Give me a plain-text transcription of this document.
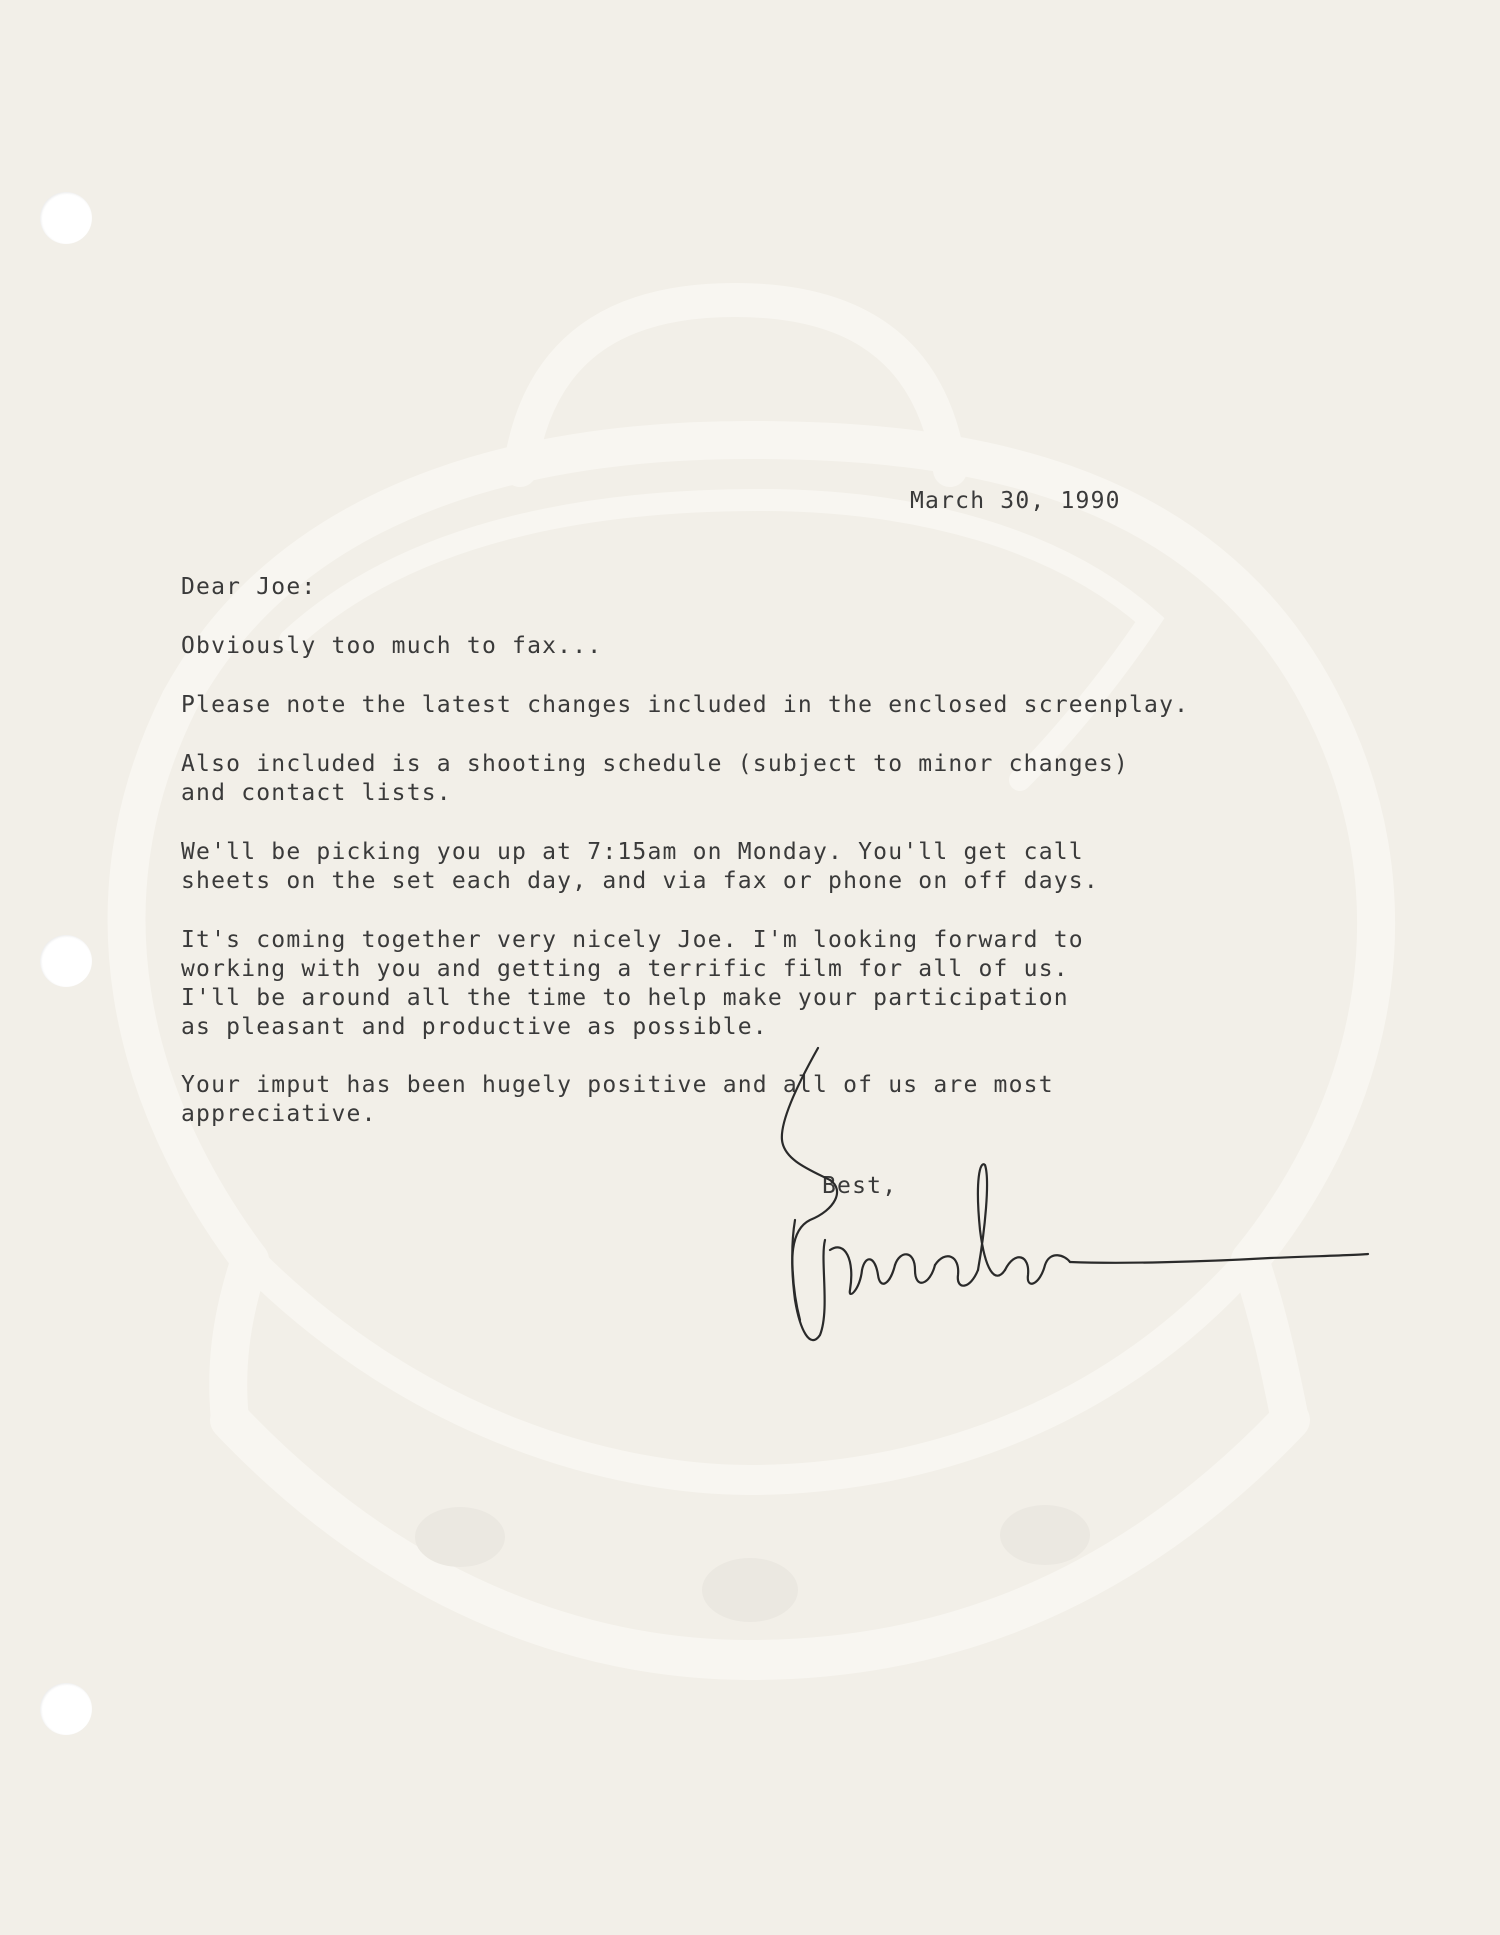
March 30, 1990
Dear Joe:
Obviously too much to fax...
Please note the latest changes included in the enclosed screenplay.
Also included is a shooting schedule (subject to minor changes)
and contact lists.
We'll be picking you up at 7:15am on Monday. You'll get call
sheets on the set each day, and via fax or phone on off days.
It's coming together very nicely Joe. I'm looking forward to
working with you and getting a terrific film for all of us.
I'll be around all the time to help make your participation
as pleasant and productive as possible.
Your imput has been hugely positive and all of us are most
appreciative.
Best,
